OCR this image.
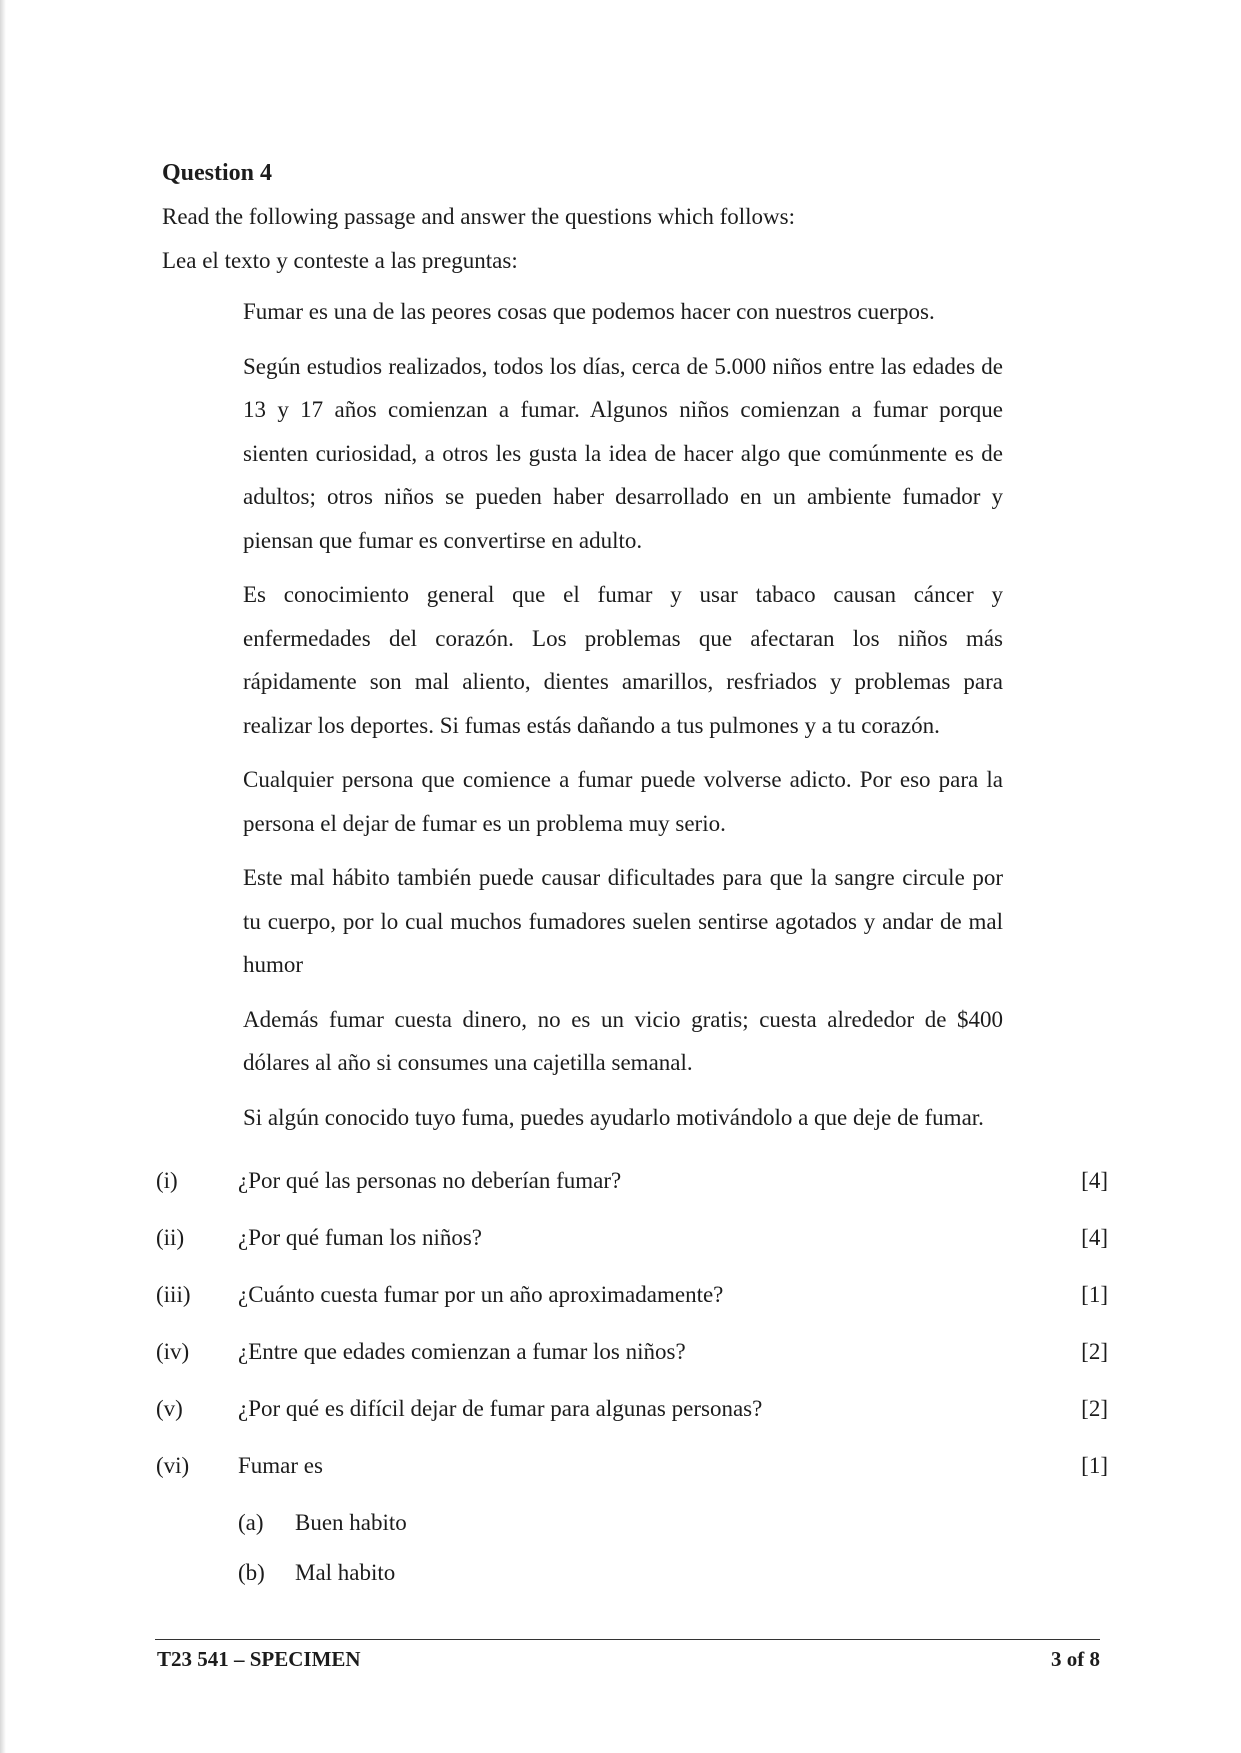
Question 4

Read the following passage and answer the questions which follows:

Lea el texto y conteste a las preguntas:

Fumar es una de las peores cosas que podemos hacer con nuestros cuerpos.

Según estudios realizados, todos los días, cerca de 5.000 niños entre las edades de 13 y 17 años comienzan a fumar. Algunos niños comienzan a fumar porque sienten curiosidad, a otros les gusta la idea de hacer algo que comúnmente es de adultos; otros niños se pueden haber desarrollado en un ambiente fumador y piensan que fumar es convertirse en adulto.

Es conocimiento general que el fumar y usar tabaco causan cáncer y enfermedades del corazón. Los problemas que afectaran los niños más rápidamente son mal aliento, dientes amarillos, resfriados y problemas para realizar los deportes. Si fumas estás dañando a tus pulmones y a tu corazón.

Cualquier persona que comience a fumar puede volverse adicto. Por eso para la persona el dejar de fumar es un problema muy serio.

Este mal hábito también puede causar dificultades para que la sangre circule por tu cuerpo, por lo cual muchos fumadores suelen sentirse agotados y andar de mal humor

Además fumar cuesta dinero, no es un vicio gratis; cuesta alrededor de $400 dólares al año si consumes una cajetilla semanal.

Si algún conocido tuyo fuma, puedes ayudarlo motivándolo a que deje de fumar.

(i)	¿Por qué las personas no deberían fumar?	[4]
(ii) ¿Por qué fuman los niños?	[4]
(iii) ¿Cuánto cuesta fumar por un año aproximadamente?	[1]
(iv) ¿Entre que edades comienzan a fumar los niños?	[2]
(v) ¿Por qué es difícil dejar de fumar para algunas personas?	[2]
(vi) Fumar es	[1]
(a) Buen habito
(b) Mal habito
T23 541 – SPECIMEN	3 of 8
